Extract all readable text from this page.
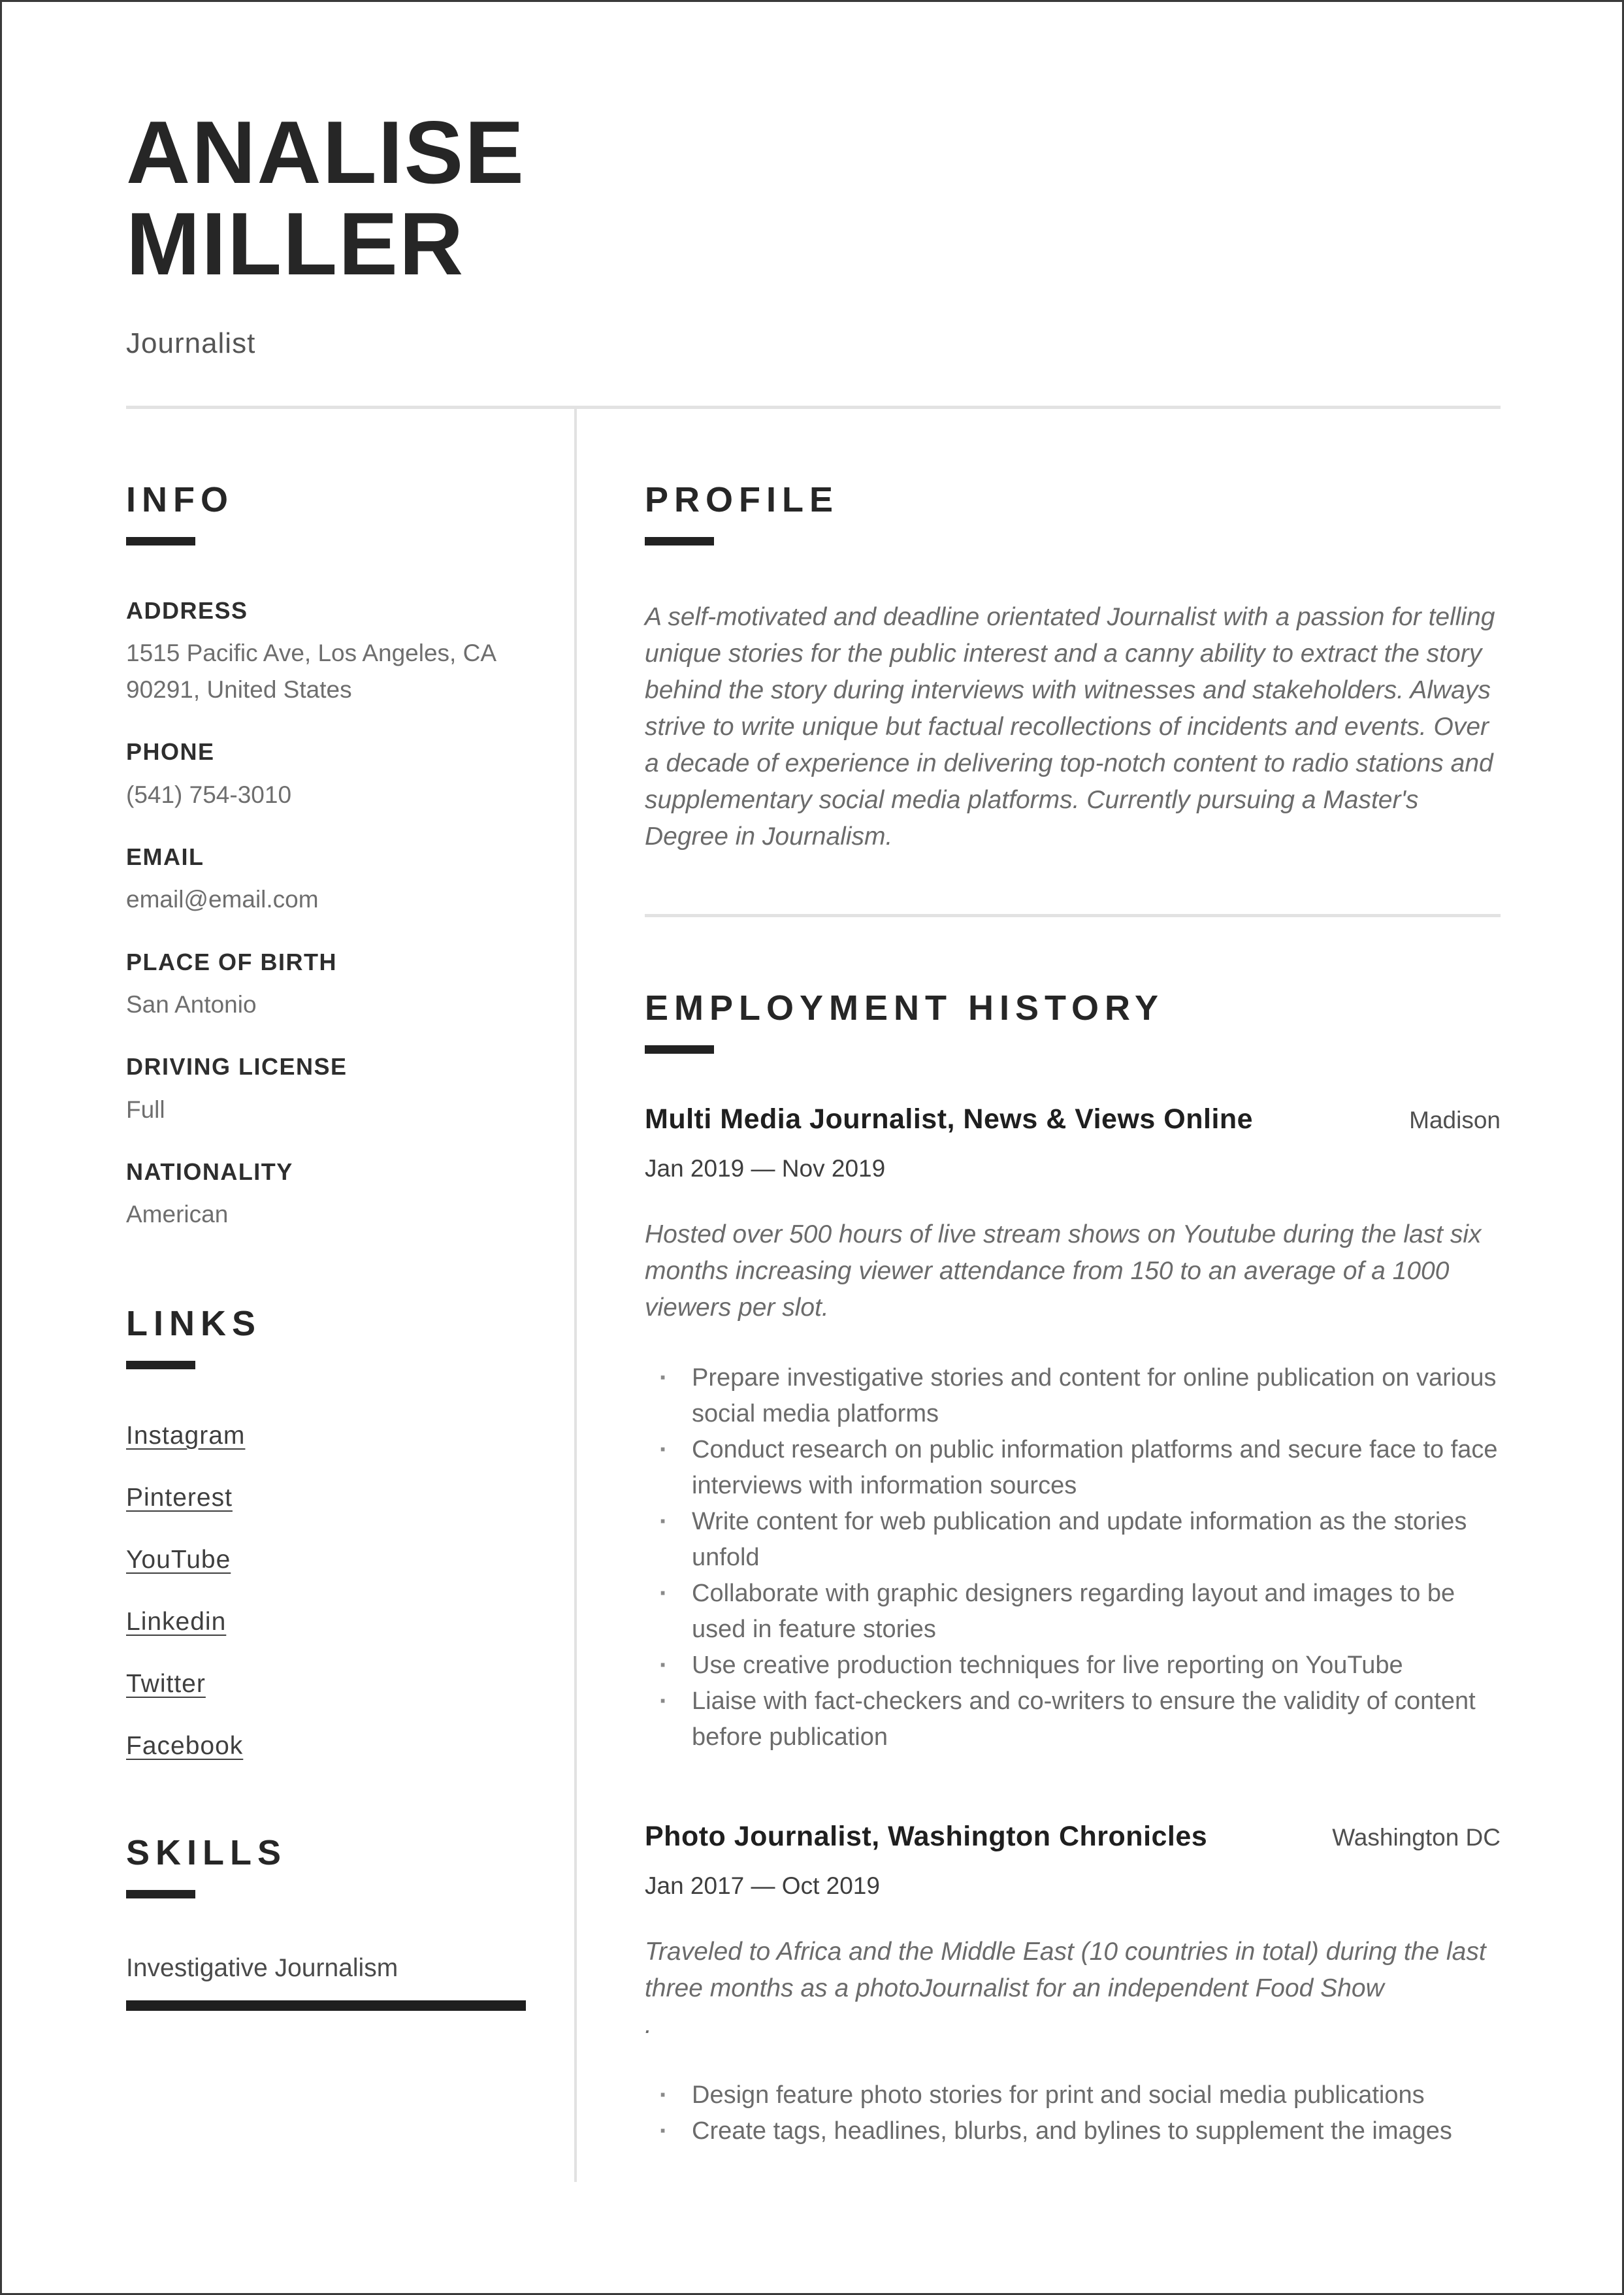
ANALISE
MILLER
Journalist
INFO
ADDRESS
1515 Pacific Ave, Los Angeles, CA 90291, United States
PHONE
(541) 754-3010
EMAIL
email@email.com
PLACE OF BIRTH
San Antonio
DRIVING LICENSE
Full
NATIONALITY
American
LINKS
Instagram
Pinterest
YouTube
Linkedin
Twitter
Facebook
SKILLS
Investigative Journalism
PROFILE

A self-motivated and deadline orientated Journalist with a passion for telling unique stories for the public interest and a canny ability to extract the story behind the story during interviews with witnesses and stakeholders. Always strive to write unique but factual recollections of incidents and events. Over a decade of experience in delivering top-notch content to radio stations and supplementary social media platforms. Currently pursuing a Master's Degree in Journalism.

EMPLOYMENT HISTORY
Multi Media Journalist, News & Views Online	Madison
Jan 2019 — Nov 2019

Hosted over 500 hours of live stream shows on Youtube during the last six months increasing viewer attendance from 150 to an average of a 1000 viewers per slot.

· Prepare investigative stories and content for online publication on various social media platforms
· Conduct research on public information platforms and secure face to face interviews with information sources
· Write content for web publication and update information as the stories unfold
· Collaborate with graphic designers regarding layout and images to be used in feature stories
· Use creative production techniques for live reporting on YouTube
· Liaise with fact-checkers and co-writers to ensure the validity of content before publication
Photo Journalist, Washington Chronicles	Washington DC
Jan 2017 — Oct 2019

Traveled to Africa and the Middle East (10 countries in total) during the last three months as a photoJournalist for an independent Food Show

.
· Design feature photo stories for print and social media publications
· Create tags, headlines, blurbs, and bylines to supplement the images
